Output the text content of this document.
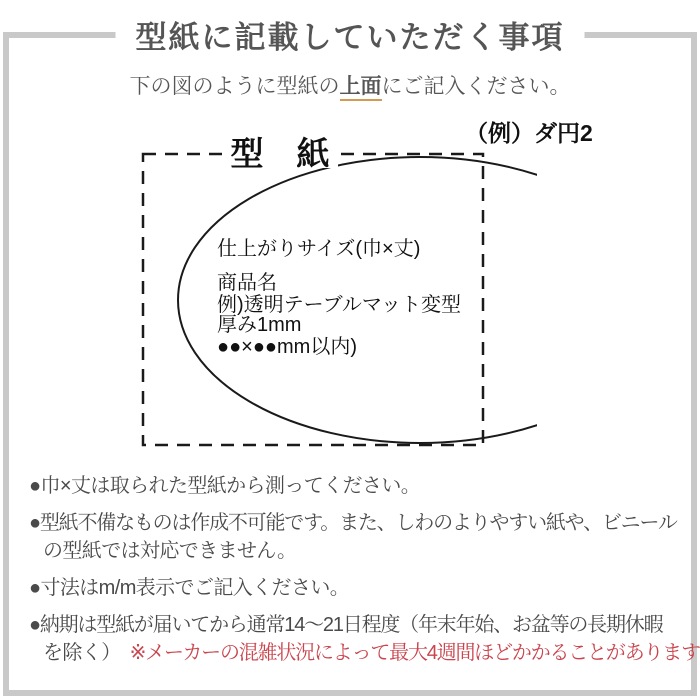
型紙に記載していただく事項
下の図のように型紙の上面にご記入ください。
型　紙
（例）ダ円2
仕上がりサイズ(巾×丈)
商品名
例)透明テーブルマット変型
厚み1mm
●●×●●mm以内)
●巾×丈は取られた型紙から測ってください。
●型紙不備なものは作成不可能です。また、しわのよりやすい紙や、ビニール
の型紙では対応できません。
●寸法はm/m表示でご記入ください。
●納期は型紙が届いてから通常14～21日程度（年末年始、お盆等の長期休暇
を除く） ※メーカーの混雑状況によって最大4週間ほどかかることがあります
